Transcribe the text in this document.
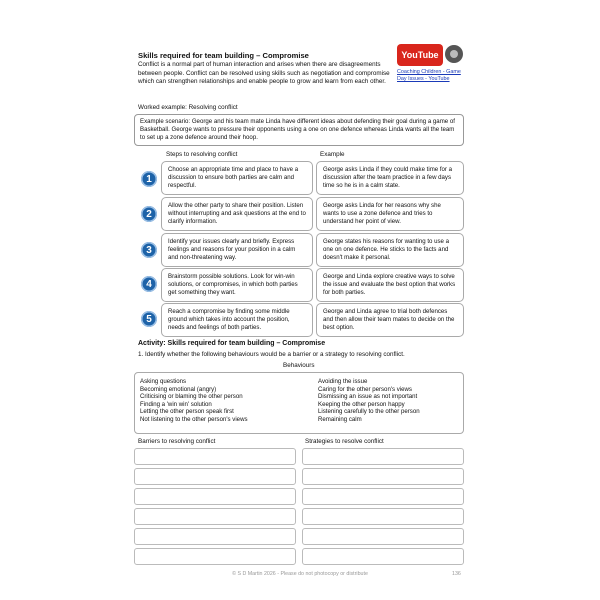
Skills required for team building – Compromise
Conflict is a normal part of human interaction and arises when there are disagreements between people. Conflict can be resolved using skills such as negotiation and compromise which can strengthen relationships and enable people to grow and learn from each other.
YouTube
Coaching Children - Game Day Issues - YouTube
Worked example: Resolving conflict
Example scenario: George and his team mate Linda have different ideas about defending their goal during a game of Basketball. George wants to pressure their opponents using a one on one defence whereas Linda wants all the team to set up a zone defence around their hoop.
Steps to resolving conflict	Example
1
Choose an appropriate time and place to have a discussion to ensure both parties are calm and respectful.
George asks Linda if they could make time for a discussion after the team practice in a few days time so he is in a calm state.
2
Allow the other party to share their position. Listen without interrupting and ask questions at the end to clarify information.
George asks Linda for her reasons why she wants to use a zone defence and tries to understand her point of view.
3
Identify your issues clearly and briefly. Express feelings and reasons for your position in a calm and non-threatening way.
George states his reasons for wanting to use a one on one defence. He sticks to the facts and doesn't make it personal.
4
Brainstorm possible solutions. Look for win-win solutions, or compromises, in which both parties get something they want.
George and Linda explore creative ways to solve the issue and evaluate the best option that works for both parties.
5
Reach a compromise by finding some middle ground which takes into account the position, needs and feelings of both parties.
George and Linda agree to trial both defences and then allow their team mates to decide on the best option.
Activity: Skills required for team building – Compromise
1. Identify whether the following behaviours would be a barrier or a strategy to resolving conflict.
Behaviours
Asking questions
Becoming emotional (angry)
Criticising or blaming the other person
Finding a 'win win' solution
Letting the other person speak first
Not listening to the other person's views
Avoiding the issue
Caring for the other person's views
Dismissing an issue as not important
Keeping the other person happy
Listening carefully to the other person
Remaining calm
Barriers to resolving conflict	Strategies to resolve conflict
© S D Martin 2026 - Please do not photocopy or distribute	136
